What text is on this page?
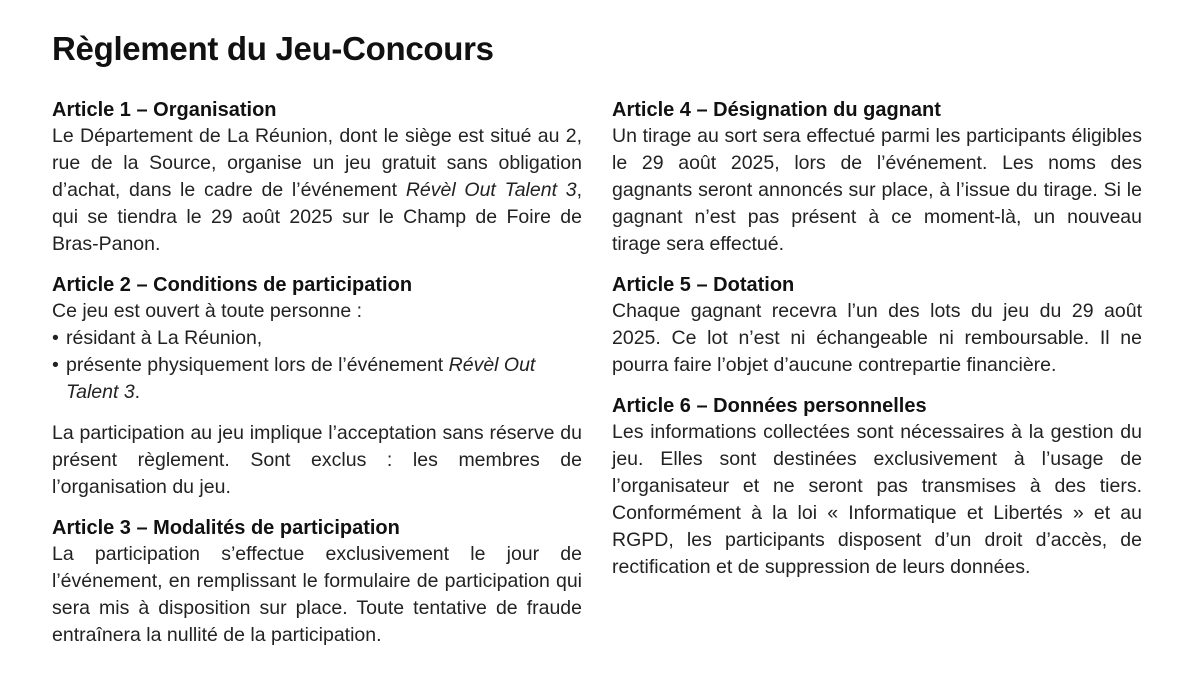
Règlement du Jeu-Concours
Article 1 – Organisation

Le Département de La Réunion, dont le siège est situé au 2, rue de la Source, organise un jeu gratuit sans obligation d’achat, dans le cadre de l’événement Révèl Out Talent 3, qui se tiendra le 29 août 2025 sur le Champ de Foire de Bras-Panon.

Article 2 – Conditions de participation

Ce jeu est ouvert à toute personne :

• résidant à La Réunion,
• présente physiquement lors de l’événement Révèl Out Talent 3.

La participation au jeu implique l’acceptation sans réserve du présent règlement. Sont exclus : les membres de l’organisation du jeu.

Article 3 – Modalités de participation
La participation s’effectue exclusivement le jour de l’événement, en remplissant le formulaire de participation qui sera mis à disposition sur place. Toute tentative de fraude entraînera la nullité de la participation.
Article 4 – Désignation du gagnant
Un tirage au sort sera effectué parmi les participants éligibles le 29 août 2025, lors de l’événement. Les noms des gagnants seront annoncés sur place, à l’issue du tirage. Si le gagnant n’est pas présent à ce moment-là, un nouveau tirage sera effectué.
Article 5 – Dotation
Chaque gagnant recevra l’un des lots du jeu du 29 août 2025. Ce lot n’est ni échangeable ni remboursable. Il ne pourra faire l’objet d’aucune contrepartie financière.
Article 6 – Données personnelles
Les informations collectées sont nécessaires à la gestion du jeu. Elles sont destinées exclusivement à l’usage de l’organisateur et ne seront pas transmises à des tiers. Conformément à la loi « Informatique et Libertés » et au RGPD, les participants disposent d’un droit d’accès, de rectification et de suppression de leurs données.
